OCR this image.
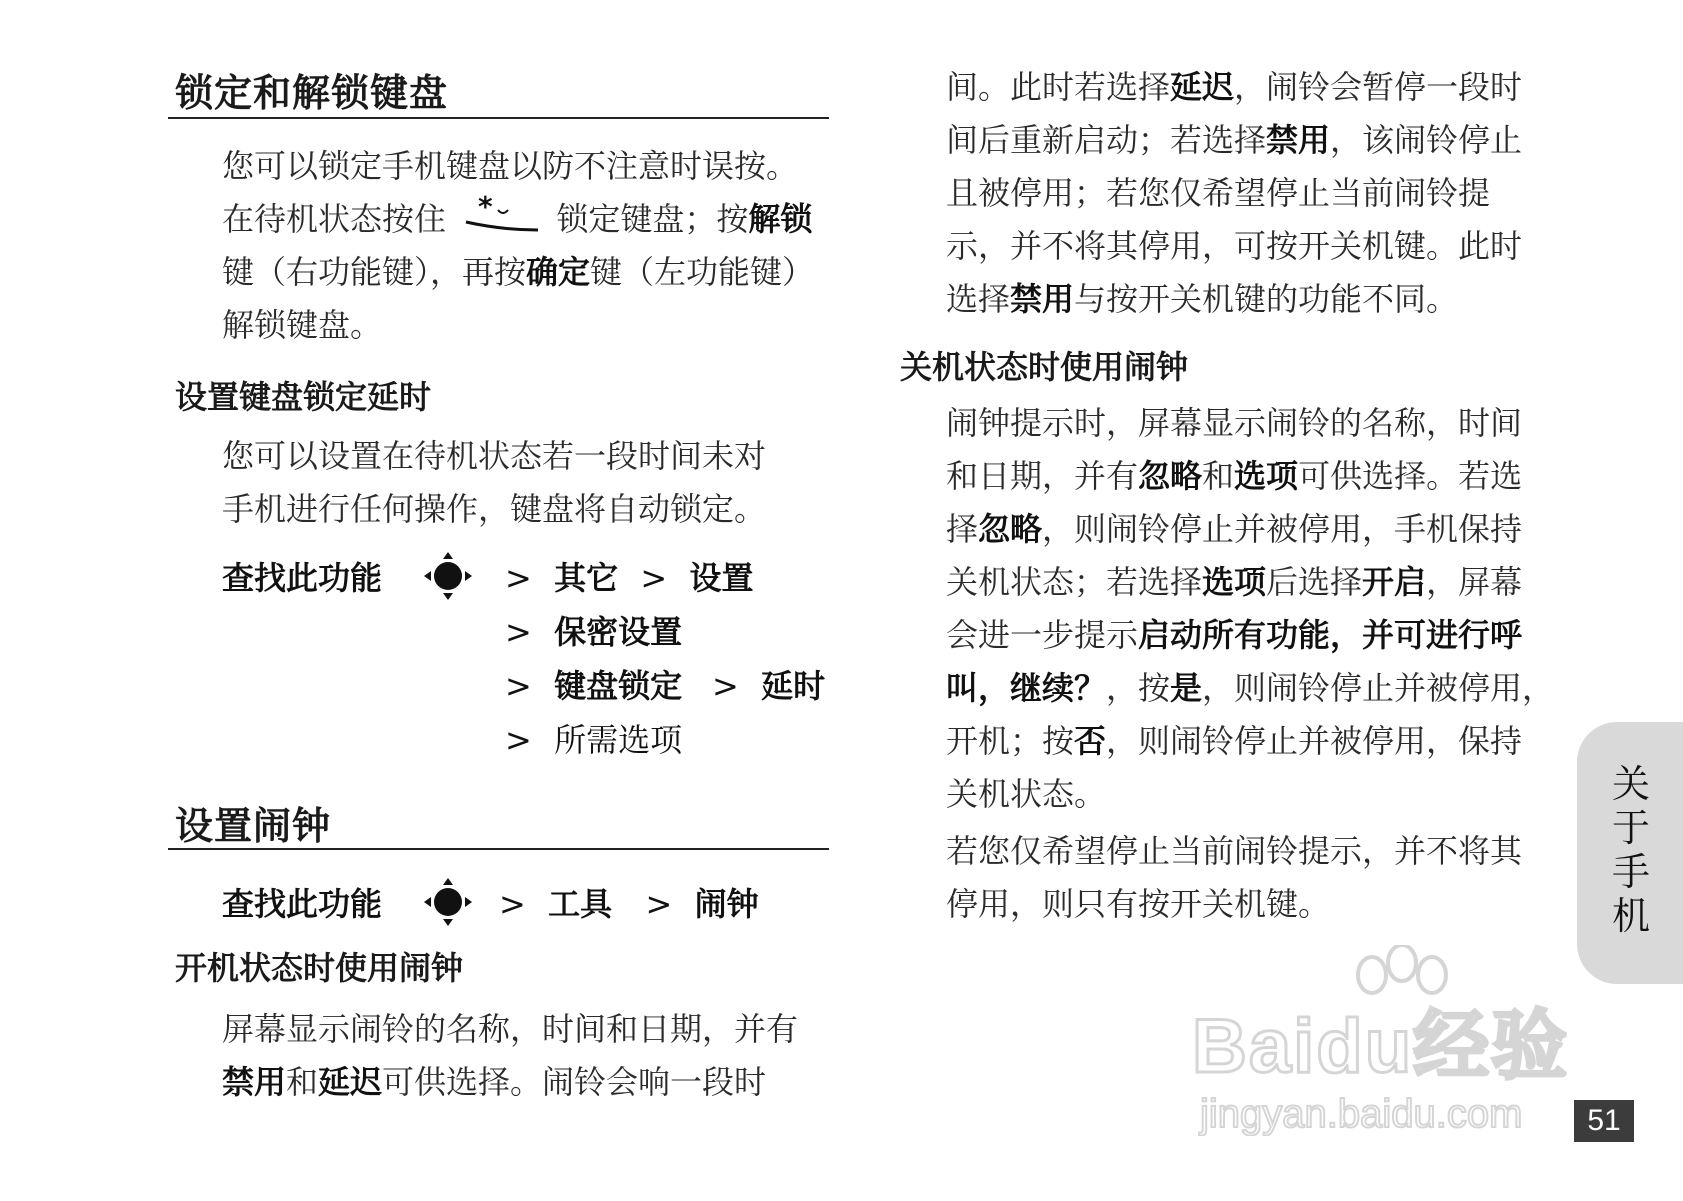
锁定和解锁键盘
您可以锁定手机键盘以防不注意时误按。
在待机状态按住 * 锁定键盘；按解锁
键（右功能键），再按确定键（左功能键）
解锁键盘。
设置键盘锁定延时
您可以设置在待机状态若一段时间未对
手机进行任何操作，键盘将自动锁定。
查找此功能	> 其它 > 设置
> 保密设置
> 键盘锁定 > 延时
> 所需选项
设置闹钟
查找此功能	> 工具 > 闹钟
开机状态时使用闹钟
屏幕显示闹铃的名称，时间和日期，并有
禁用和延迟可供选择。闹铃会响一段时
间。此时若选择延迟，闹铃会暂停一段时
间后重新启动；若选择禁用，该闹铃停止
且被停用；若您仅希望停止当前闹铃提
示，并不将其停用，可按开关机键。此时
选择禁用与按开关机键的功能不同。
关机状态时使用闹钟
闹钟提示时，屏幕显示闹铃的名称，时间
和日期，并有忽略和选项可供选择。若选
择忽略，则闹铃停止并被停用，手机保持
关机状态；若选择选项后选择开启，屏幕
会进一步提示启动所有功能，并可进行呼
叫，继续？，按是，则闹铃停止并被停用，
开机；按否，则闹铃停止并被停用，保持
关机状态。
若您仅希望停止当前闹铃提示，并不将其
停用，则只有按开关机键。
关于手机
Baidu经验
jingyan.baidu.com	51
